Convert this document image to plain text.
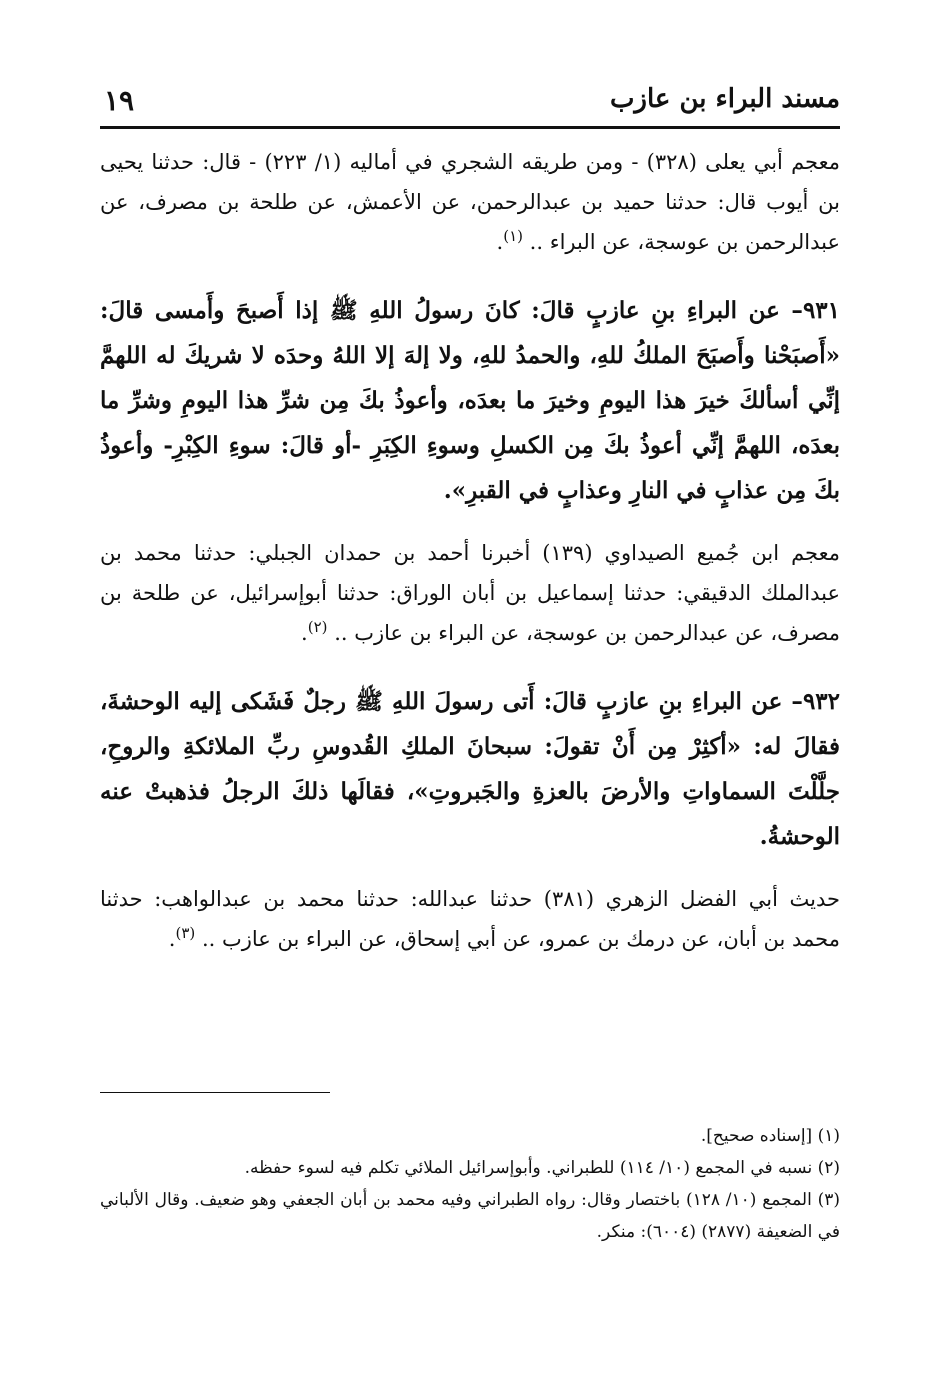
مسند البراء بن عازب
١٩

معجم أبي يعلى (٣٢٨) - ومن طريقه الشجري في أماليه (١/ ٢٢٣) - قال: حدثنا يحيى بن أيوب قال: حدثنا حميد بن عبدالرحمن، عن الأعمش، عن طلحة بن مصرف، عن عبدالرحمن بن عوسجة، عن البراء .. $^{(١)}$.

٩٣١– عن البراءِ بنِ عازبٍ قالَ: كانَ رسولُ اللهِ ﷺ إذا أَصبحَ وأَمسى قالَ: «أَصبَحْنا وأَصبَحَ الملكُ للهِ، والحمدُ للهِ، ولا إلهَ إلا اللهُ وحدَه لا شريكَ له اللهمَّ إنِّي أسألكَ خيرَ هذا اليومِ وخيرَ ما بعدَه، وأعوذُ بكَ مِن شرِّ هذا اليومِ وشرِّ ما بعدَه، اللهمَّ إنِّي أعوذُ بكَ مِن الكسلِ وسوءِ الكِبَرِ -أو قالَ: سوءِ الكِبْرِ- وأعوذُ بكَ مِن عذابٍ في النارِ وعذابٍ في القبرِ».

معجم ابن جُميع الصيداوي (١٣٩) أخبرنا أحمد بن حمدان الجبلي: حدثنا محمد بن عبدالملك الدقيقي: حدثنا إسماعيل بن أبان الوراق: حدثنا أبوإسرائيل، عن طلحة بن مصرف، عن عبدالرحمن بن عوسجة، عن البراء بن عازب .. $^{(٢)}$.

٩٣٢– عن البراءِ بنِ عازبٍ قالَ: أَتى رسولَ اللهِ ﷺ رجلٌ فَشَكى إليه الوحشةَ، فقالَ له: «أكثِرْ مِن أَنْ تقولَ: سبحانَ الملكِ القُدوسِ ربِّ الملائكةِ والروحِ، جلَّلْتَ السماواتِ والأرضَ بالعزةِ والجَبروتِ»، فقالَها ذلكَ الرجلُ فذهبتْ عنه الوحشةُ.

حديث أبي الفضل الزهري (٣٨١) حدثنا عبدالله: حدثنا محمد بن عبدالواهب: حدثنا محمد بن أبان، عن درمك بن عمرو، عن أبي إسحاق، عن البراء بن عازب .. $^{(٣)}$.

(١) [إسناده صحيح].

(٢) نسبه في المجمع (١٠/ ١١٤) للطبراني. وأبوإسرائيل الملائي تكلم فيه لسوء حفظه.

(٣) المجمع (١٠/ ١٢٨) باختصار وقال: رواه الطبراني وفيه محمد بن أبان الجعفي وهو ضعيف. وقال الألباني في الضعيفة (٢٨٧٧) (٦٠٠٤): منكر.
